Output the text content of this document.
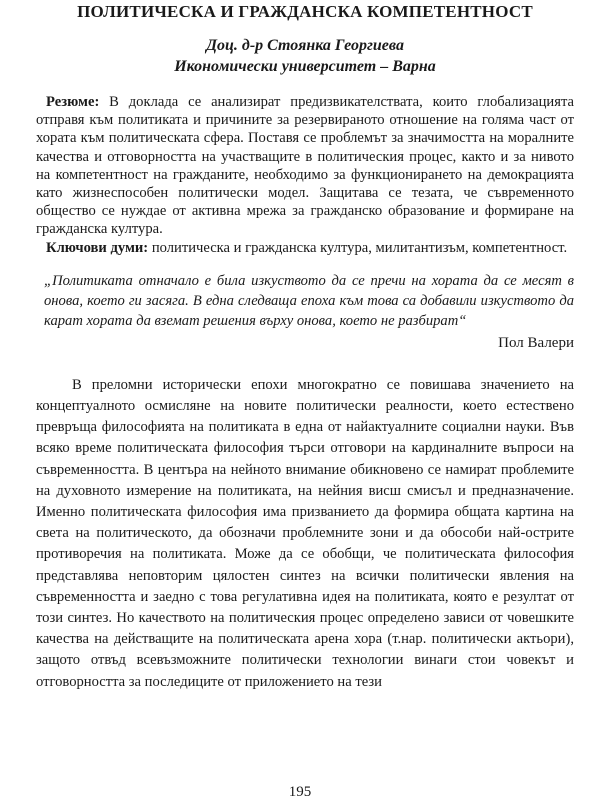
ПОЛИТИЧЕСКА И ГРАЖДАНСКА КОМПЕТЕНТНОСТ

Доц. д-р Стоянка Георгиева

Икономически университет – Варна

Резюме: В доклада се анализират предизвикателствата, които глобализацията отправя към политиката и причините за резервираното отношение на голяма част от хората към политическата сфера. Поставя се проблемът за значимостта на моралните качества и отговорността на участващите в политическия процес, както и за нивото на компетентност на гражданите, необходимо за функционирането на демокрацията като жизнеспособен политически модел. Защитава се тезата, че съвременното общество се нуждае от активна мрежа за гражданско образование и формиране на гражданска култура.

Ключови думи: политическа и гражданска култура, милитантизъм, компетентност.

„Политиката отначало е била изкуството да се пречи на хората да се месят в онова, което ги засяга. В една следваща епоха към това са добавили изкуството да карат хората да вземат решения върху онова, което не разбират“

Пол Валери

В преломни исторически епохи многократно се повишава значението на концептуалното осмисляне на новите политически реалности, което естествено превръща философията на политиката в една от найактуалните социални науки. Във всяко време политическата философия търси отговори на кардиналните въпроси на съвременността. В центъра на нейното внимание обикновено се намират проблемите на духовното измерение на политиката, на нейния висш смисъл и предназначение. Именно политическата философия има призванието да формира общата картина на света на политическото, да обозначи проблемните зони и да обособи най-острите противоречия на политиката. Може да се обобщи, че политическата философия представлява неповторим цялостен синтез на всички политически явления на съвременността и заедно с това регулативна идея на политиката, която е резултат от този синтез. Но качеството на политическия процес определено зависи от човешките качества на действащите на политическата арена хора (т.нар. политически актьори), защото отвъд всевъзможните политически технологии винаги стои човекът и отговорността за последиците от приложението на тези

195
